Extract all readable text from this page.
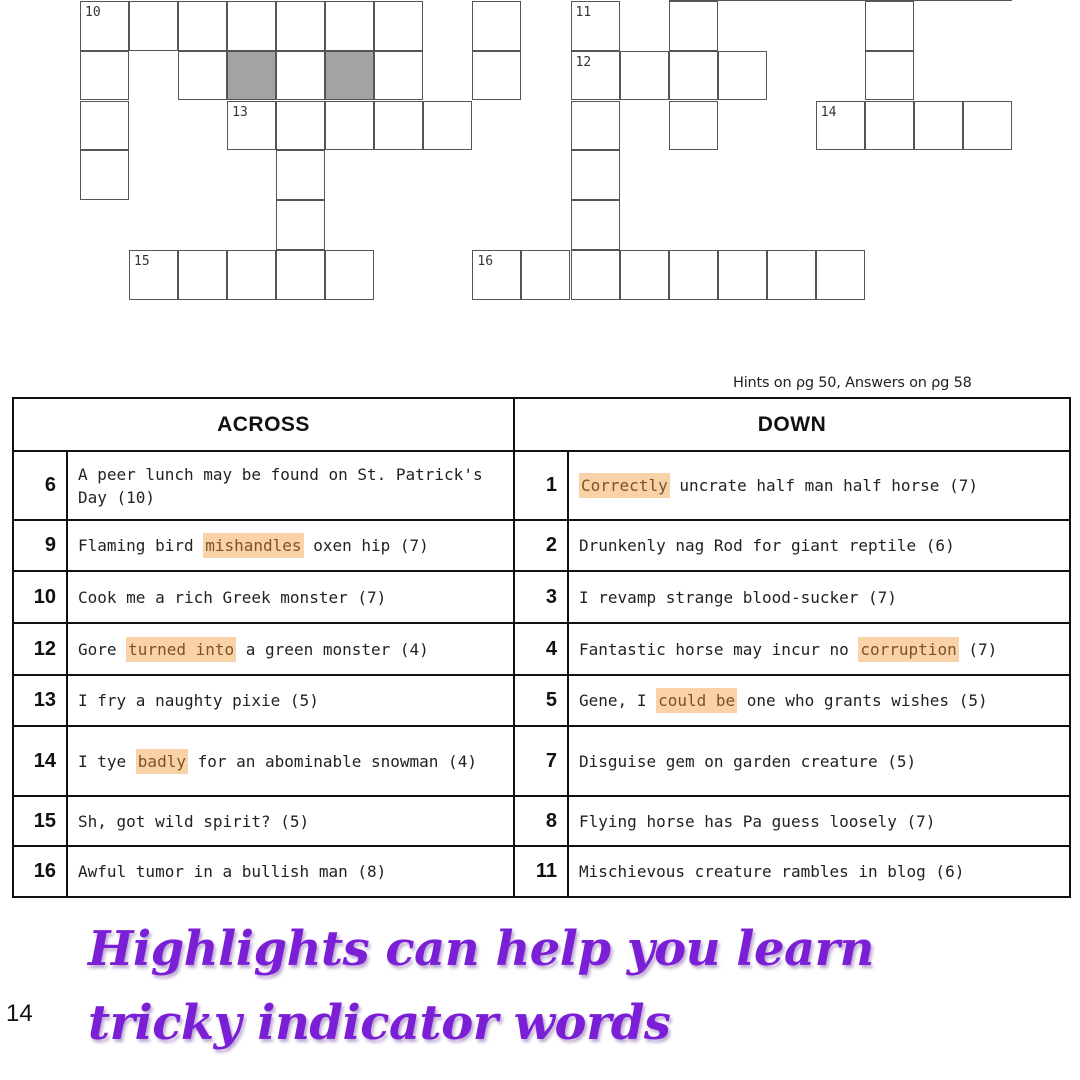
10	11
12
13	14
15	16
Hints on ρg 50, Answers on ρg 58
ACROSS		DOWN	
6	A peer lunch may be found on St. Patrick's Day (10)	1	Correctly uncrate half man half horse (7)
9	Flaming bird mishandles oxen hip (7)	2	Drunkenly nag Rod for giant reptile (6)
10	Cook me a rich Greek monster (7)	3	I revamp strange blood-sucker (7)
12	Gore turned into a green monster (4)	4	Fantastic horse may incur no corruption (7)
13	I fry a naughty pixie (5)	5	Gene, I could be one who grants wishes (5)
14	I tye badly for an abominable snowman (4)	7	Disguise gem on garden creature (5)
15	Sh, got wild spirit? (5)	8	Flying horse has Pa guess loosely (7)
16	Awful tumor in a bullish man (8)	11	Mischievous creature rambles in blog (6)
Highlights can help you learn
tricky indicator words
14
